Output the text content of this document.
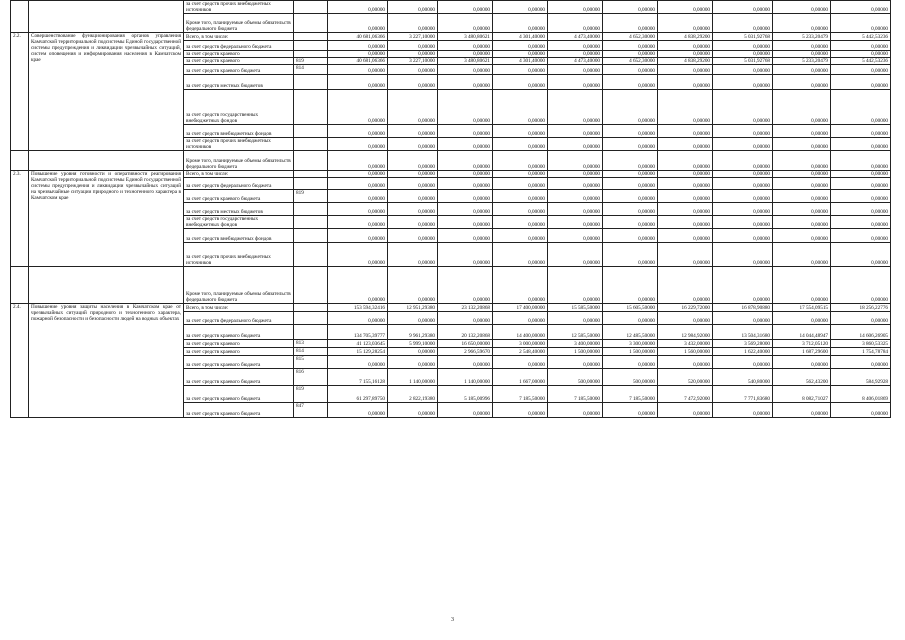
		за счет средств прочих внебюджетных источников		0,00000	0,00000	0,00000	0,00000	0,00000	0,00000	0,00000	0,00000	0,00000	0,00000
		Кроме того, планируемые объемы обязательств федерального бюджета		0,00000	0,00000	0,00000	0,00000	0,00000	0,00000	0,00000	0,00000	0,00000	0,00000
2.2.	Совершенствование функционирования органов управления Камчатской территориальной подсистемы Единой государственной системы предупреждения и ликвидации чрезвычайных ситуаций, систем оповещения и информирования населения в Камчатском крае	Всего, в том числе:		40 681,06366	3 227,10000	3 480,80621	4 301,40000	4 473,40000	4 652,30000	4 838,29200	5 031,92768	5 233,20479	5 442,53236
		за счет средств федерального бюджета		0,00000	0,00000	0,00000	0,00000	0,00000	0,00000	0,00000	0,00000	0,00000	0,00000
		за счет средств краевого		0,00000	0,00000	0,00000	0,00000	0,00000	0,00000	0,00000	0,00000	0,00000	0,00000
		за счет средств краевого	819	40 681,06366	3 227,10000	3 480,80621	4 301,40000	4 473,40000	4 652,30000	4 838,29200	5 031,92768	5 233,20479	5 442,53236
		за счет средств краевого бюджета	814	0,00000	0,00000	0,00000	0,00000	0,00000	0,00000	0,00000	0,00000	0,00000	0,00000
		за счет средств местных бюджетов		0,00000	0,00000	0,00000	0,00000	0,00000	0,00000	0,00000	0,00000	0,00000	0,00000
		за счет средств государственных внебюджетных фондов		0,00000	0,00000	0,00000	0,00000	0,00000	0,00000	0,00000	0,00000	0,00000	0,00000
		за счет средств внебюджетных фондов		0,00000	0,00000	0,00000	0,00000	0,00000	0,00000	0,00000	0,00000	0,00000	0,00000
		за счет средств прочих внебюджетных источников		0,00000	0,00000	0,00000	0,00000	0,00000	0,00000	0,00000	0,00000	0,00000	0,00000
		Кроме того, планируемые объемы обязательств федерального бюджета		0,00000	0,00000	0,00000	0,00000	0,00000	0,00000	0,00000	0,00000	0,00000	0,00000
2.3.	Повышение уровня готовности и оперативности реагирования Камчатской территориальной подсистемы Единой государственной системы предупреждения и ликвидации чрезвычайных ситуаций на чрезвычайные ситуации природного и техногенного характера в Камчатском крае	Всего, в том числе:		0,00000	0,00000	0,00000	0,00000	0,00000	0,00000	0,00000	0,00000	0,00000	0,00000
		за счет средств федерального бюджета		0,00000	0,00000	0,00000	0,00000	0,00000	0,00000	0,00000	0,00000	0,00000	0,00000
		за счет средств краевого бюджета	819	0,00000	0,00000	0,00000	0,00000	0,00000	0,00000	0,00000	0,00000	0,00000	0,00000
		за счет средств местных бюджетов		0,00000	0,00000	0,00000	0,00000	0,00000	0,00000	0,00000	0,00000	0,00000	0,00000
		за счет средств государственных внебюджетных фондов		0,00000	0,00000	0,00000	0,00000	0,00000	0,00000	0,00000	0,00000	0,00000	0,00000
		за счет средств внебюджетных фондов		0,00000	0,00000	0,00000	0,00000	0,00000	0,00000	0,00000	0,00000	0,00000	0,00000
		за счет средств прочих внебюджетных источников		0,00000	0,00000	0,00000	0,00000	0,00000	0,00000	0,00000	0,00000	0,00000	0,00000
		Кроме того, планируемые объемы обязательств федерального бюджета		0,00000	0,00000	0,00000	0,00000	0,00000	0,00000	0,00000	0,00000	0,00000	0,00000
2.4.	Повышение уровня защиты населения в Камчатском крае от чрезвычайных ситуаций природного и техногенного характера, пожарной безопасности и безопасности людей на водных объектах	Всего, в том числе:		153 594,32416	12 951,29380	23 132,20868	17 400,00000	15 585,50000	15 605,50000	16 229,72000	16 878,90880	17 554,09515	18 256,22776
		за счет средств федерального бюджета		0,00000	0,00000	0,00000	0,00000	0,00000	0,00000	0,00000	0,00000	0,00000	0,00000
		за счет средств краевого бюджета		134 705,39777	9 961,29380	20 132,20868	14 400,00000	12 585,50000	12 485,50000	12 984,92000	13 504,31680	14 044,48947	14 606,26905
		за счет средств краевого	813	41 123,03645	5 999,10000	16 650,00000	3 000,00000	3 400,00000	3 300,00000	3 432,00000	3 569,28000	3 712,05120	3 860,53325
		за счет средств краевого	814	15 129,28254	0,00000	2 966,59670	2 548,40000	1 500,00000	1 500,00000	1 560,00000	1 622,40000	1 687,29600	1 754,78784
		за счет средств краевого бюджета	815	0,00000	0,00000	0,00000	0,00000	0,00000	0,00000	0,00000	0,00000	0,00000	0,00000
		за счет средств краевого бюджета	816	7 155,16128	1 140,00000	1 140,00000	1 667,00000	500,00000	500,00000	520,00000	540,80000	562,43200	584,92928
		за счет средств краевого бюджета	819	61 297,89750	2 822,19380	5 185,00996	7 185,50000	7 185,50000	7 185,50000	7 472,92000	7 771,83680	8 082,71027	8 406,01869
		за счет средств краевого бюджета	847	0,00000	0,00000	0,00000	0,00000	0,00000	0,00000	0,00000	0,00000	0,00000	0,00000
3
